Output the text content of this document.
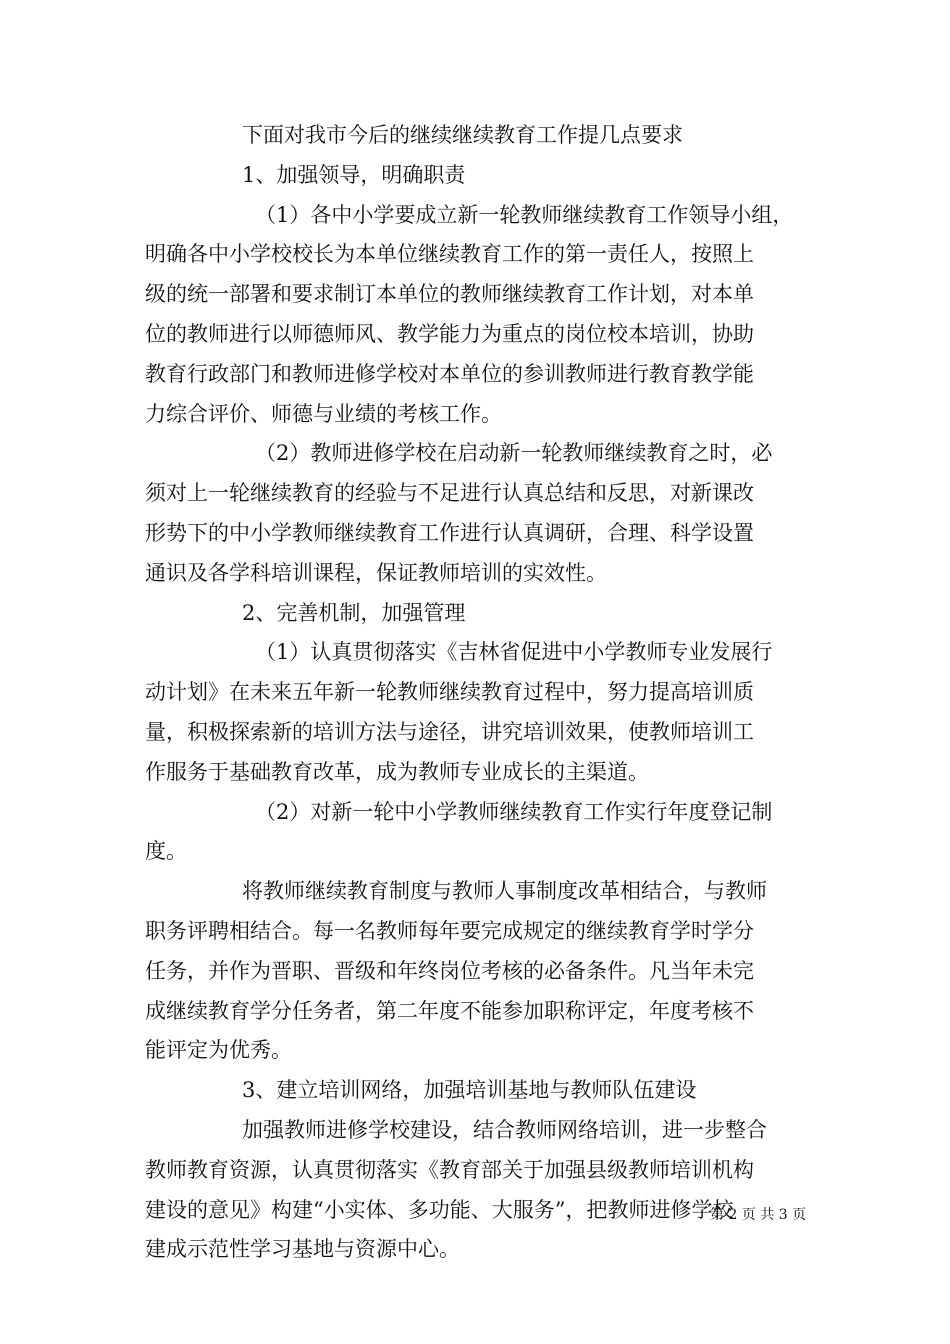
下面对我市今后的继续继续教育工作提几点要求
1、加强领导，明确职责
（1）各中小学要成立新一轮教师继续教育工作领导小组，
明确各中小学校校长为本单位继续教育工作的第一责任人，按照上
级的统一部署和要求制订本单位的教师继续教育工作计划，对本单
位的教师进行以师德师风、教学能力为重点的岗位校本培训，协助
教育行政部门和教师进修学校对本单位的参训教师进行教育教学能
力综合评价、师德与业绩的考核工作。
（2）教师进修学校在启动新一轮教师继续教育之时，必
须对上一轮继续教育的经验与不足进行认真总结和反思，对新课改
形势下的中小学教师继续教育工作进行认真调研，合理、科学设置
通识及各学科培训课程，保证教师培训的实效性。
2、完善机制，加强管理
（1）认真贯彻落实《吉林省促进中小学教师专业发展行
动计划》在未来五年新一轮教师继续教育过程中，努力提高培训质
量，积极探索新的培训方法与途径，讲究培训效果，使教师培训工
作服务于基础教育改革，成为教师专业成长的主渠道。
（2）对新一轮中小学教师继续教育工作实行年度登记制
度。
将教师继续教育制度与教师人事制度改革相结合，与教师
职务评聘相结合。每一名教师每年要完成规定的继续教育学时学分
任务，并作为晋职、晋级和年终岗位考核的必备条件。凡当年未完
成继续教育学分任务者，第二年度不能参加职称评定，年度考核不
能评定为优秀。
3、建立培训网络，加强培训基地与教师队伍建设
加强教师进修学校建设，结合教师网络培训，进一步整合
教师教育资源，认真贯彻落实《教育部关于加强县级教师培训机构
建设的意见》构建“小实体、多功能、大服务”，把教师进修学校
建成示范性学习基地与资源中心。
第 2 页 共 3 页
